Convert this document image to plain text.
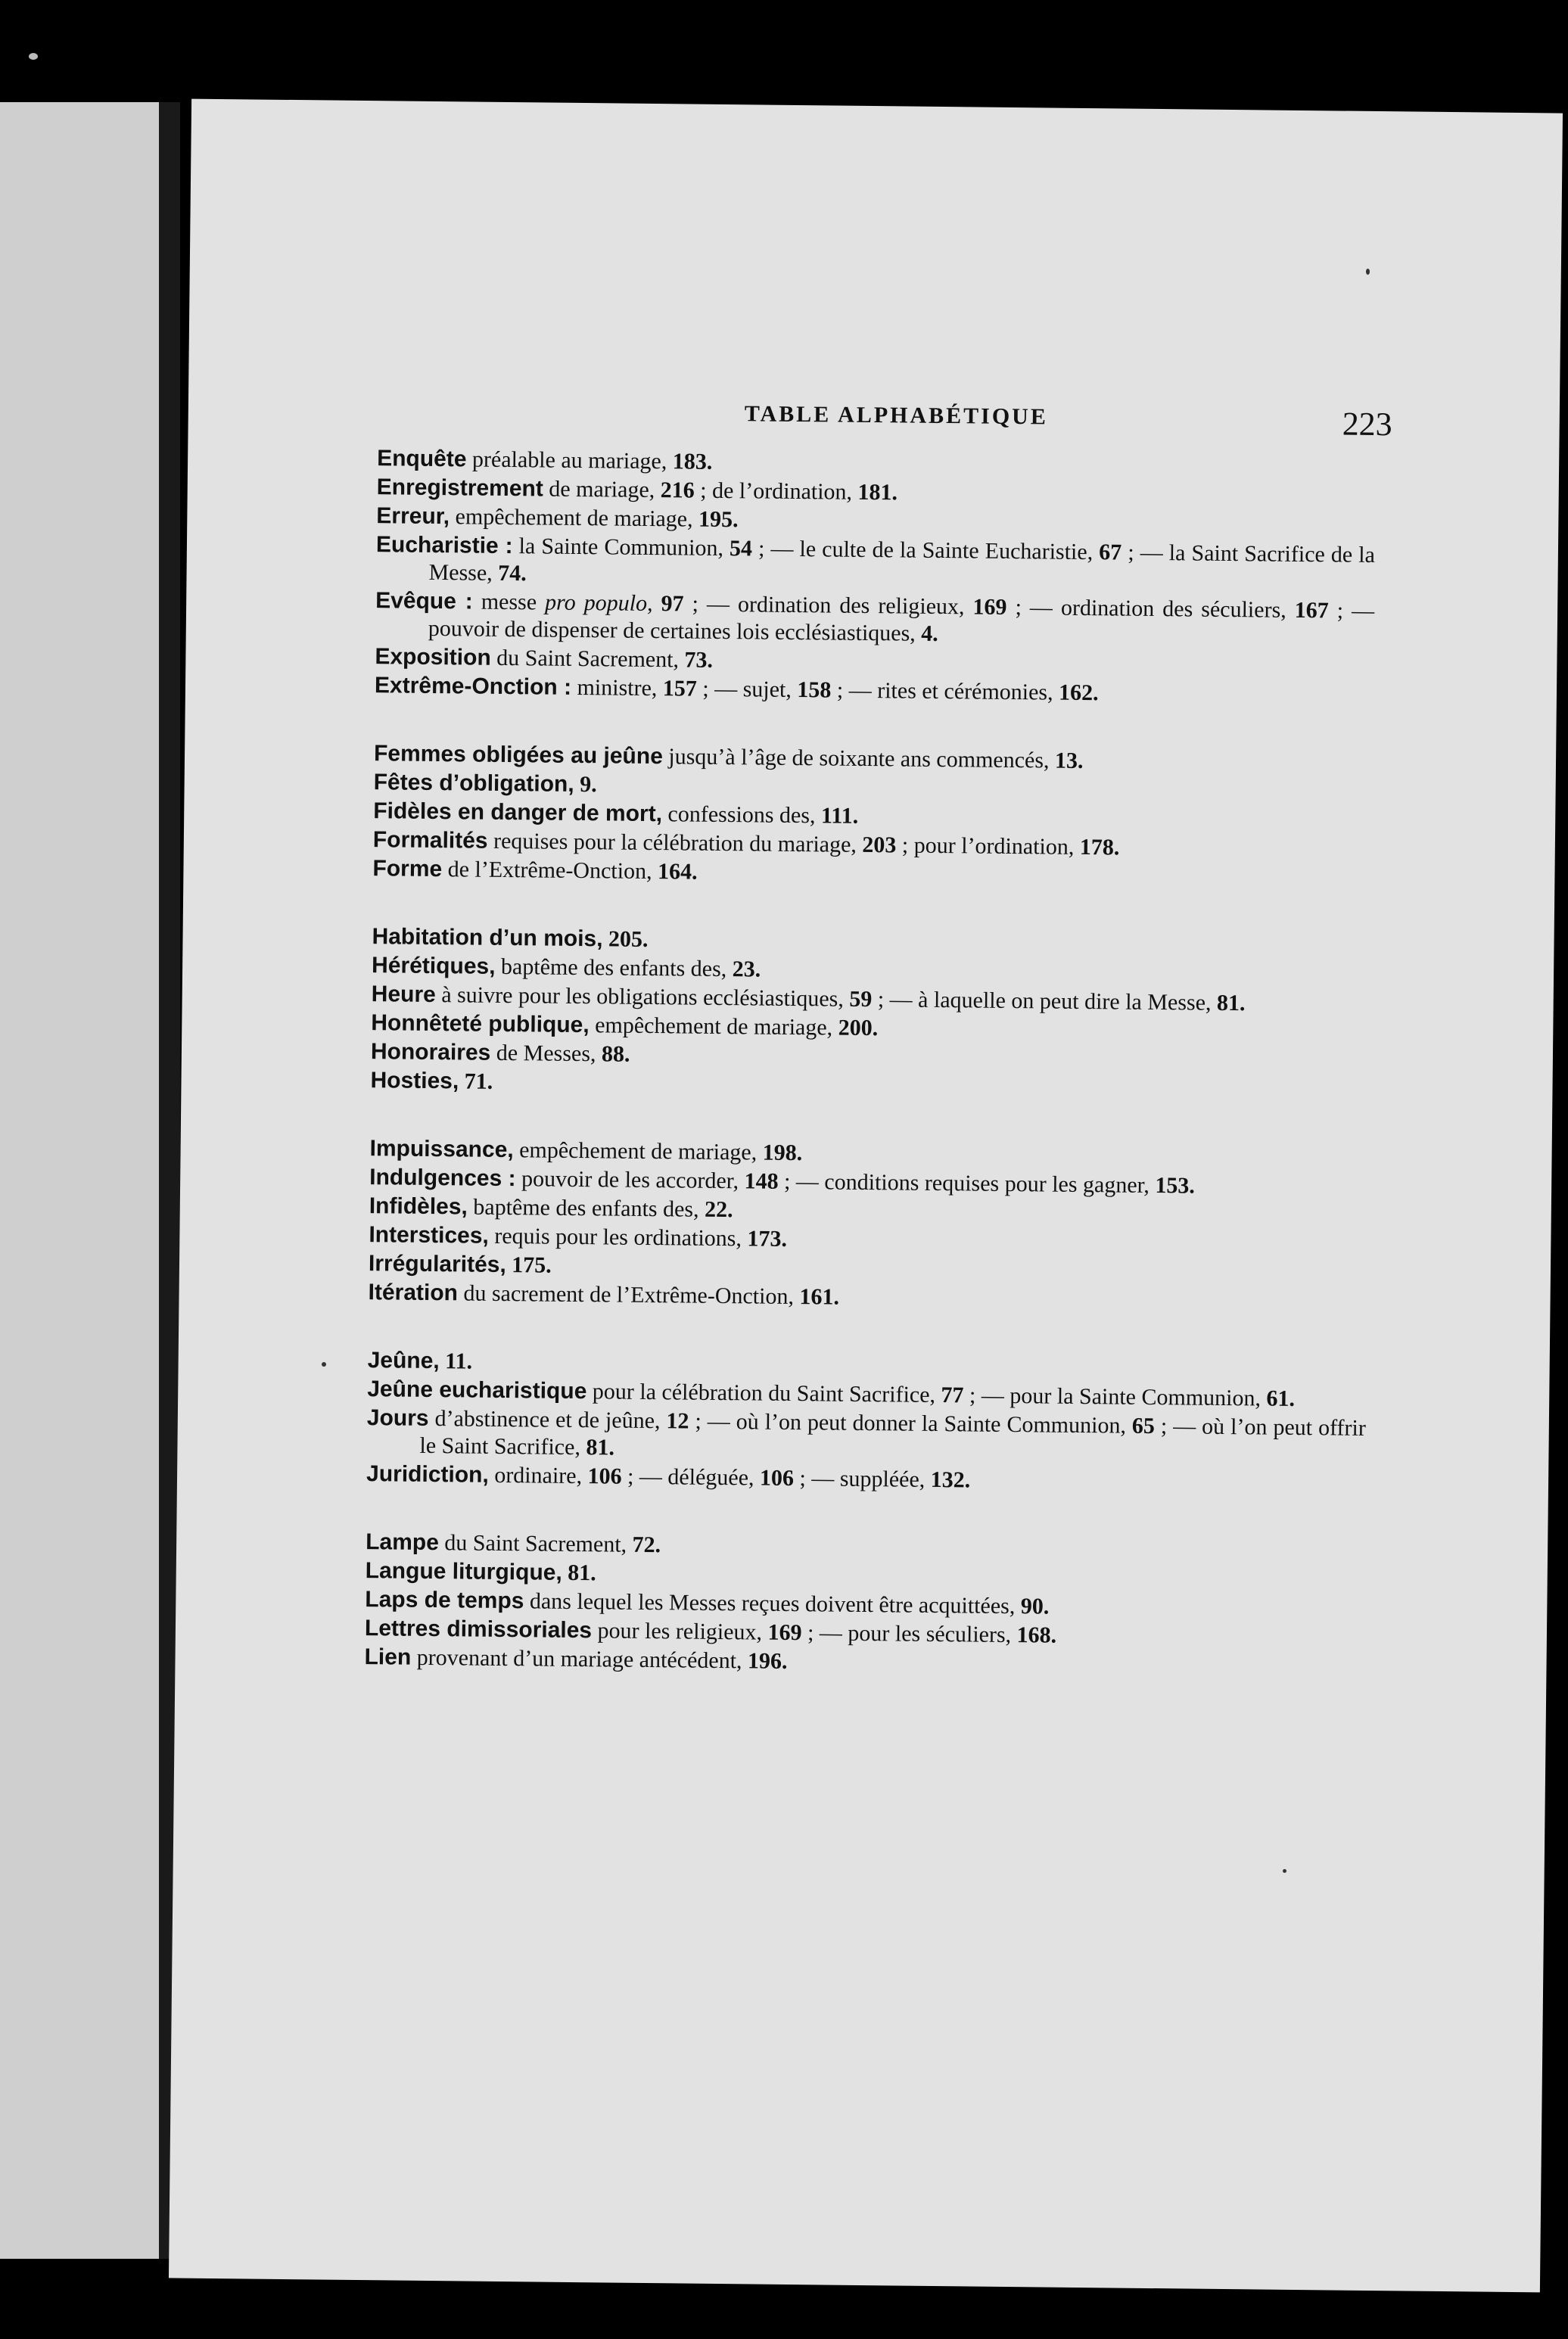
TABLE ALPHABÉTIQUE	223

Enquête préalable au mariage, 183.

Enregistrement de mariage, 216 ; de l’ordination, 181.

Erreur, empêchement de mariage, 195.

Eucharistie : la Sainte Communion, 54 ; — le culte de la Sainte Eucharistie, 67 ; — la Saint Sacrifice de la Messe, 74.

Evêque : messe pro populo, 97 ; — ordination des religieux, 169 ; — ordination des séculiers, 167 ; — pouvoir de dispenser de certaines lois ecclésiastiques, 4.

Exposition du Saint Sacrement, 73.

Extrême-Onction : ministre, 157 ; — sujet, 158 ; — rites et cérémonies, 162.

Femmes obligées au jeûne jusqu’à l’âge de soixante ans commencés, 13.

Fêtes d’obligation, 9.

Fidèles en danger de mort, confessions des, 111.

Formalités requises pour la célébration du mariage, 203 ; pour l’ordination, 178.

Forme de l’Extrême-Onction, 164.

Habitation d’un mois, 205.

Hérétiques, baptême des enfants des, 23.

Heure à suivre pour les obligations ecclésiastiques, 59 ; — à laquelle on peut dire la Messe, 81.

Honnêteté publique, empêchement de mariage, 200.

Honoraires de Messes, 88.

Hosties, 71.

Impuissance, empêchement de mariage, 198.

Indulgences : pouvoir de les accorder, 148 ; — conditions requises pour les gagner, 153.

Infidèles, baptême des enfants des, 22.

Interstices, requis pour les ordinations, 173.

Irrégularités, 175.

Itération du sacrement de l’Extrême-Onction, 161.

Jeûne, 11.

Jeûne eucharistique pour la célébration du Saint Sacrifice, 77 ; — pour la Sainte Communion, 61.

Jours d’abstinence et de jeûne, 12 ; — où l’on peut donner la Sainte Communion, 65 ; — où l’on peut offrir le Saint Sacrifice, 81.

Juridiction, ordinaire, 106 ; — déléguée, 106 ; — suppléée, 132.

Lampe du Saint Sacrement, 72.

Langue liturgique, 81.

Laps de temps dans lequel les Messes reçues doivent être acquittées, 90.

Lettres dimissoriales pour les religieux, 169 ; — pour les séculiers, 168.

Lien provenant d’un mariage antécédent, 196.
